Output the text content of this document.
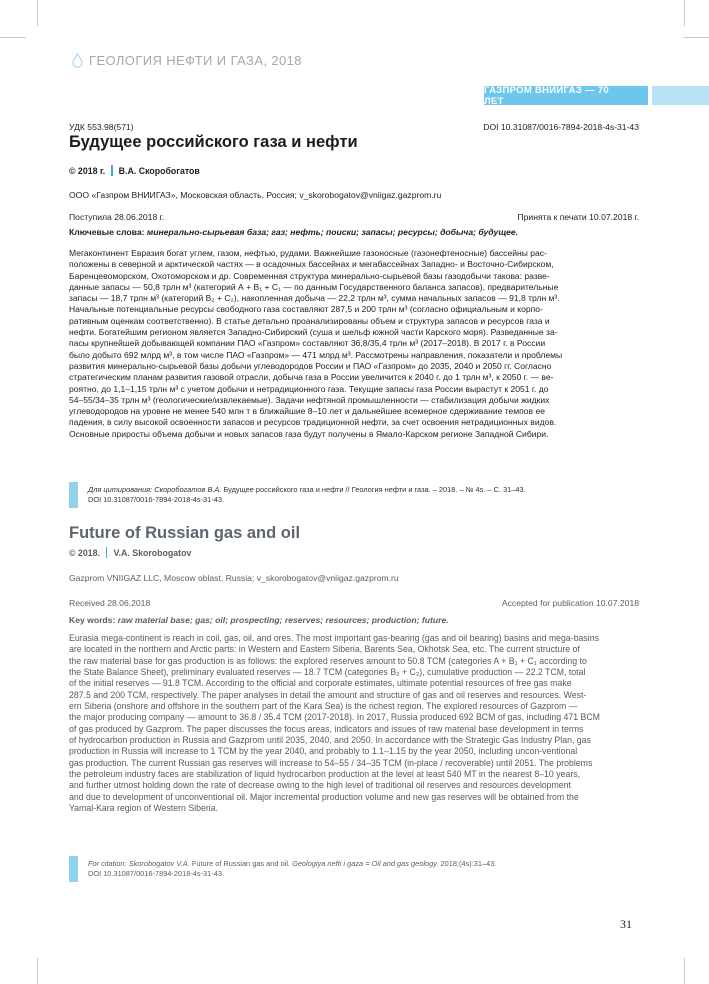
ГЕОЛОГИЯ НЕФТИ И ГАЗА, 2018
ГАЗПРОМ ВНИИГАЗ — 70 ЛЕТ
УДК 553.98(571)	DOI 10.31087/0016-7894-2018-4s-31-43
Будущее российского газа и нефти
© 2018 г. В.А. Скоробогатов
ООО «Газпром ВНИИГАЗ», Московская область, Россия; v_skorobogatov@vniigaz.gazprom.ru
Поступила 28.06.2018 г.	Принята к печати 10.07.2018 г.
Ключевые слова: минерально-сырьевая база; газ; нефть; поиски; запасы; ресурсы; добыча; будущее.

Мегаконтинент Евразия богат углем, газом, нефтью, рудами. Важнейшие газоносные (газонефтеносные) бассейны рас-
положены в северной и арктической частях — в осадочных бассейнах и мегабассейнах Западно- и Восточно-Сибирском,
Баренцевоморском, Охотоморском и др. Современная структура минерально-сырьевой базы газодобычи такова: разве-
данные запасы — 50,8 трлн м³ (категорий А + В₁ + С₁ — по данным Государственного баланса запасов), предварительные
запасы — 18,7 трлн м³ (категорий В₂ + С₂), накопленная добыча — 22,2 трлн м³, сумма начальных запасов — 91,8 трлн м³.
Начальные потенциальные ресурсы свободного газа составляют 287,5 и 200 трлн м³ (согласно официальным и корпо-
ративным оценкам соответственно). В статье детально проанализированы объем и структура запасов и ресурсов газа и
нефти. Богатейшим регионом является Западно-Сибирский (суша и шельф южной части Карского моря). Разведанные за-
пасы крупнейшей добывающей компании ПАО «Газпром» составляют 36,8/35,4 трлн м³ (2017–2018). В 2017 г. в России
было добыто 692 млрд м³, в том числе ПАО «Газпром» — 471 млрд м³. Рассмотрены направления, показатели и проблемы
развития минерально-сырьевой базы добычи углеводородов России и ПАО «Газпром» до 2035, 2040 и 2050 гг. Согласно
стратегическим планам развития газовой отрасли, добыча газа в России увеличится к 2040 г. до 1 трлн м³, к 2050 г. — ве-
роятно, до 1,1–1,15 трлн м³ с учетом добычи и нетрадиционного газа. Текущие запасы газа России вырастут к 2051 г. до
54–55/34–35 трлн м³ (геологические/извлекаемые). Задачи нефтяной промышленности — стабилизация добычи жидких
углеводородов на уровне не менее 540 млн т в ближайшие 8–10 лет и дальнейшее всемерное сдерживание темпов ее
падения, в силу высокой освоенности запасов и ресурсов традиционной нефти, за счет освоения нетрадиционных видов.
Основные приросты объема добычи и новых запасов газа будут получены в Ямало-Карском регионе Западной Сибири.

Для цитирования: Скоробогатов В.А. Будущее российского газа и нефти // Геология нефти и газа. – 2018. – № 4s. – С. 31–43.
DOI 10.31087/0016-7894-2018-4s-31-43.
Future of Russian gas and oil
© 2018. V.A. Skorobogatov
Gazprom VNIIGAZ LLC, Moscow oblast, Russia; v_skorobogatov@vniigaz.gazprom.ru
Received 28.06.2018	Accepted for publication 10.07.2018
Key words: raw material base; gas; oil; prospecting; reserves; resources; production; future.

Eurasia mega-continent is reach in coil, gas, oil, and ores. The most important gas-bearing (gas and oil bearing) basins and mega-basins
are located in the northern and Arctic parts: in Western and Eastern Siberia, Barents Sea, Okhotsk Sea, etc. The current structure of
the raw material base for gas production is as follows: the explored reserves amount to 50.8 TCM (categories A + B₁ + C₁ according to
the State Balance Sheet), preliminary evaluated reserves — 18.7 TCM (categories B₂ + C₂), cumulative production — 22.2 TCM, total
of the initial reserves — 91.8 TCM. According to the official and corporate estimates, ultimate potential resources of free gas make
287.5 and 200 TCM, respectively. The paper analyses in detail the amount and structure of gas and oil reserves and resources. West-
ern Siberia (onshore and offshore in the southern part of the Kara Sea) is the richest region. The explored resources of Gazprom —
the major producing company — amount to 36.8 / 35.4 TCM (2017-2018). In 2017, Russia produced 692 BCM of gas, including 471 BCM
of gas produced by Gazprom. The paper discusses the focus areas, indicators and issues of raw material base development in terms
of hydrocarbon production in Russia and Gazprom until 2035, 2040, and 2050. In accordance with the Strategic Gas Industry Plan, gas
production in Russia will increase to 1 TCM by the year 2040, and probably to 1.1–1.15 by the year 2050, including uncon-ventional
gas production. The current Russian gas reserves will increase to 54–55 / 34–35 TCM (in-place / recoverable) until 2051. The problems
the petroleum industry faces are stabilization of liquid hydrocarbon production at the level at least 540 MT in the nearest 8–10 years,
and further utmost holding down the rate of decrease owing to the high level of traditional oil reserves and resources development
and due to development of unconventional oil. Major incremental production volume and new gas reserves will be obtained from the
Yamal-Kara region of Western Siberia.

For citation: Skorobogatov V.A. Future of Russian gas and oil. Geologiya nefti i gaza = Oil and gas geology. 2018;(4s):31–43.
DOI 10.31087/0016-7894-2018-4s-31-43.
31
